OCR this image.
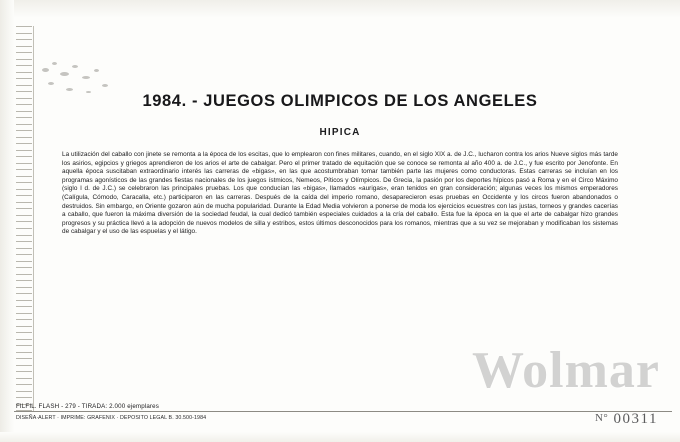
1984. - JUEGOS OLIMPICOS DE LOS ANGELES
HIPICA
La utilización del caballo con jinete se remonta a la época de los escitas, que lo emplearon con fines militares, cuando, en el siglo XIX a. de J.C., lucharon contra los arios Nueve siglos más tarde los asirios, egipcios y griegos aprendieron de los arios el arte de cabalgar. Pero el primer tratado de equitación que se conoce se remonta al año 400 a. de J.C., y fue escrito por Jenofonte. En aquella época suscitaban extraordinario interés las carreras de «bigas», en las que acostumbraban tomar también parte las mujeres como conductoras. Estas carreras se incluían en los programas agonísticos de las grandes fiestas nacionales de los juegos ístmicos, Nemeos, Píticos y Olímpicos. De Grecia, la pasión por los deportes hípicos pasó a Roma y en el Circo Máximo (siglo I d. de J.C.) se celebraron las principales pruebas. Los que conducían las «bigas», llamados «aurigas», eran tenidos en gran consideración; algunas veces los mismos emperadores (Calígula, Cómodo, Caracalla, etc.) participaron en las carreras. Después de la caída del imperio romano, desaparecieron esas pruebas en Occidente y los circos fueron abandonados o destruidos. Sin embargo, en Oriente gozaron aún de mucha popularidad. Durante la Edad Media volvieron a ponerse de moda los ejercicios ecuestres con las justas, torneos y grandes cacerías a caballo, que fueron la máxima diversión de la sociedad feudal, la cual dedicó también especiales cuidados a la cría del caballo. Esta fue la época en la que el arte de cabalgar hizo grandes progresos y su práctica llevó a la adopción de nuevos modelos de silla y estribos, estos últimos desconocidos para los romanos, mientras que a su vez se mejoraban y modificaban los sistemas de cabalgar y el uso de las espuelas y el látigo.
Wolmar
FILFIL. FLASH - 279 - TIRADA: 2.000 ejemplares
DISEÑA·ALERT · IMPRIME: GRAFENIX · DEPOSITO LEGAL B. 30.500-1984	N° 00311
